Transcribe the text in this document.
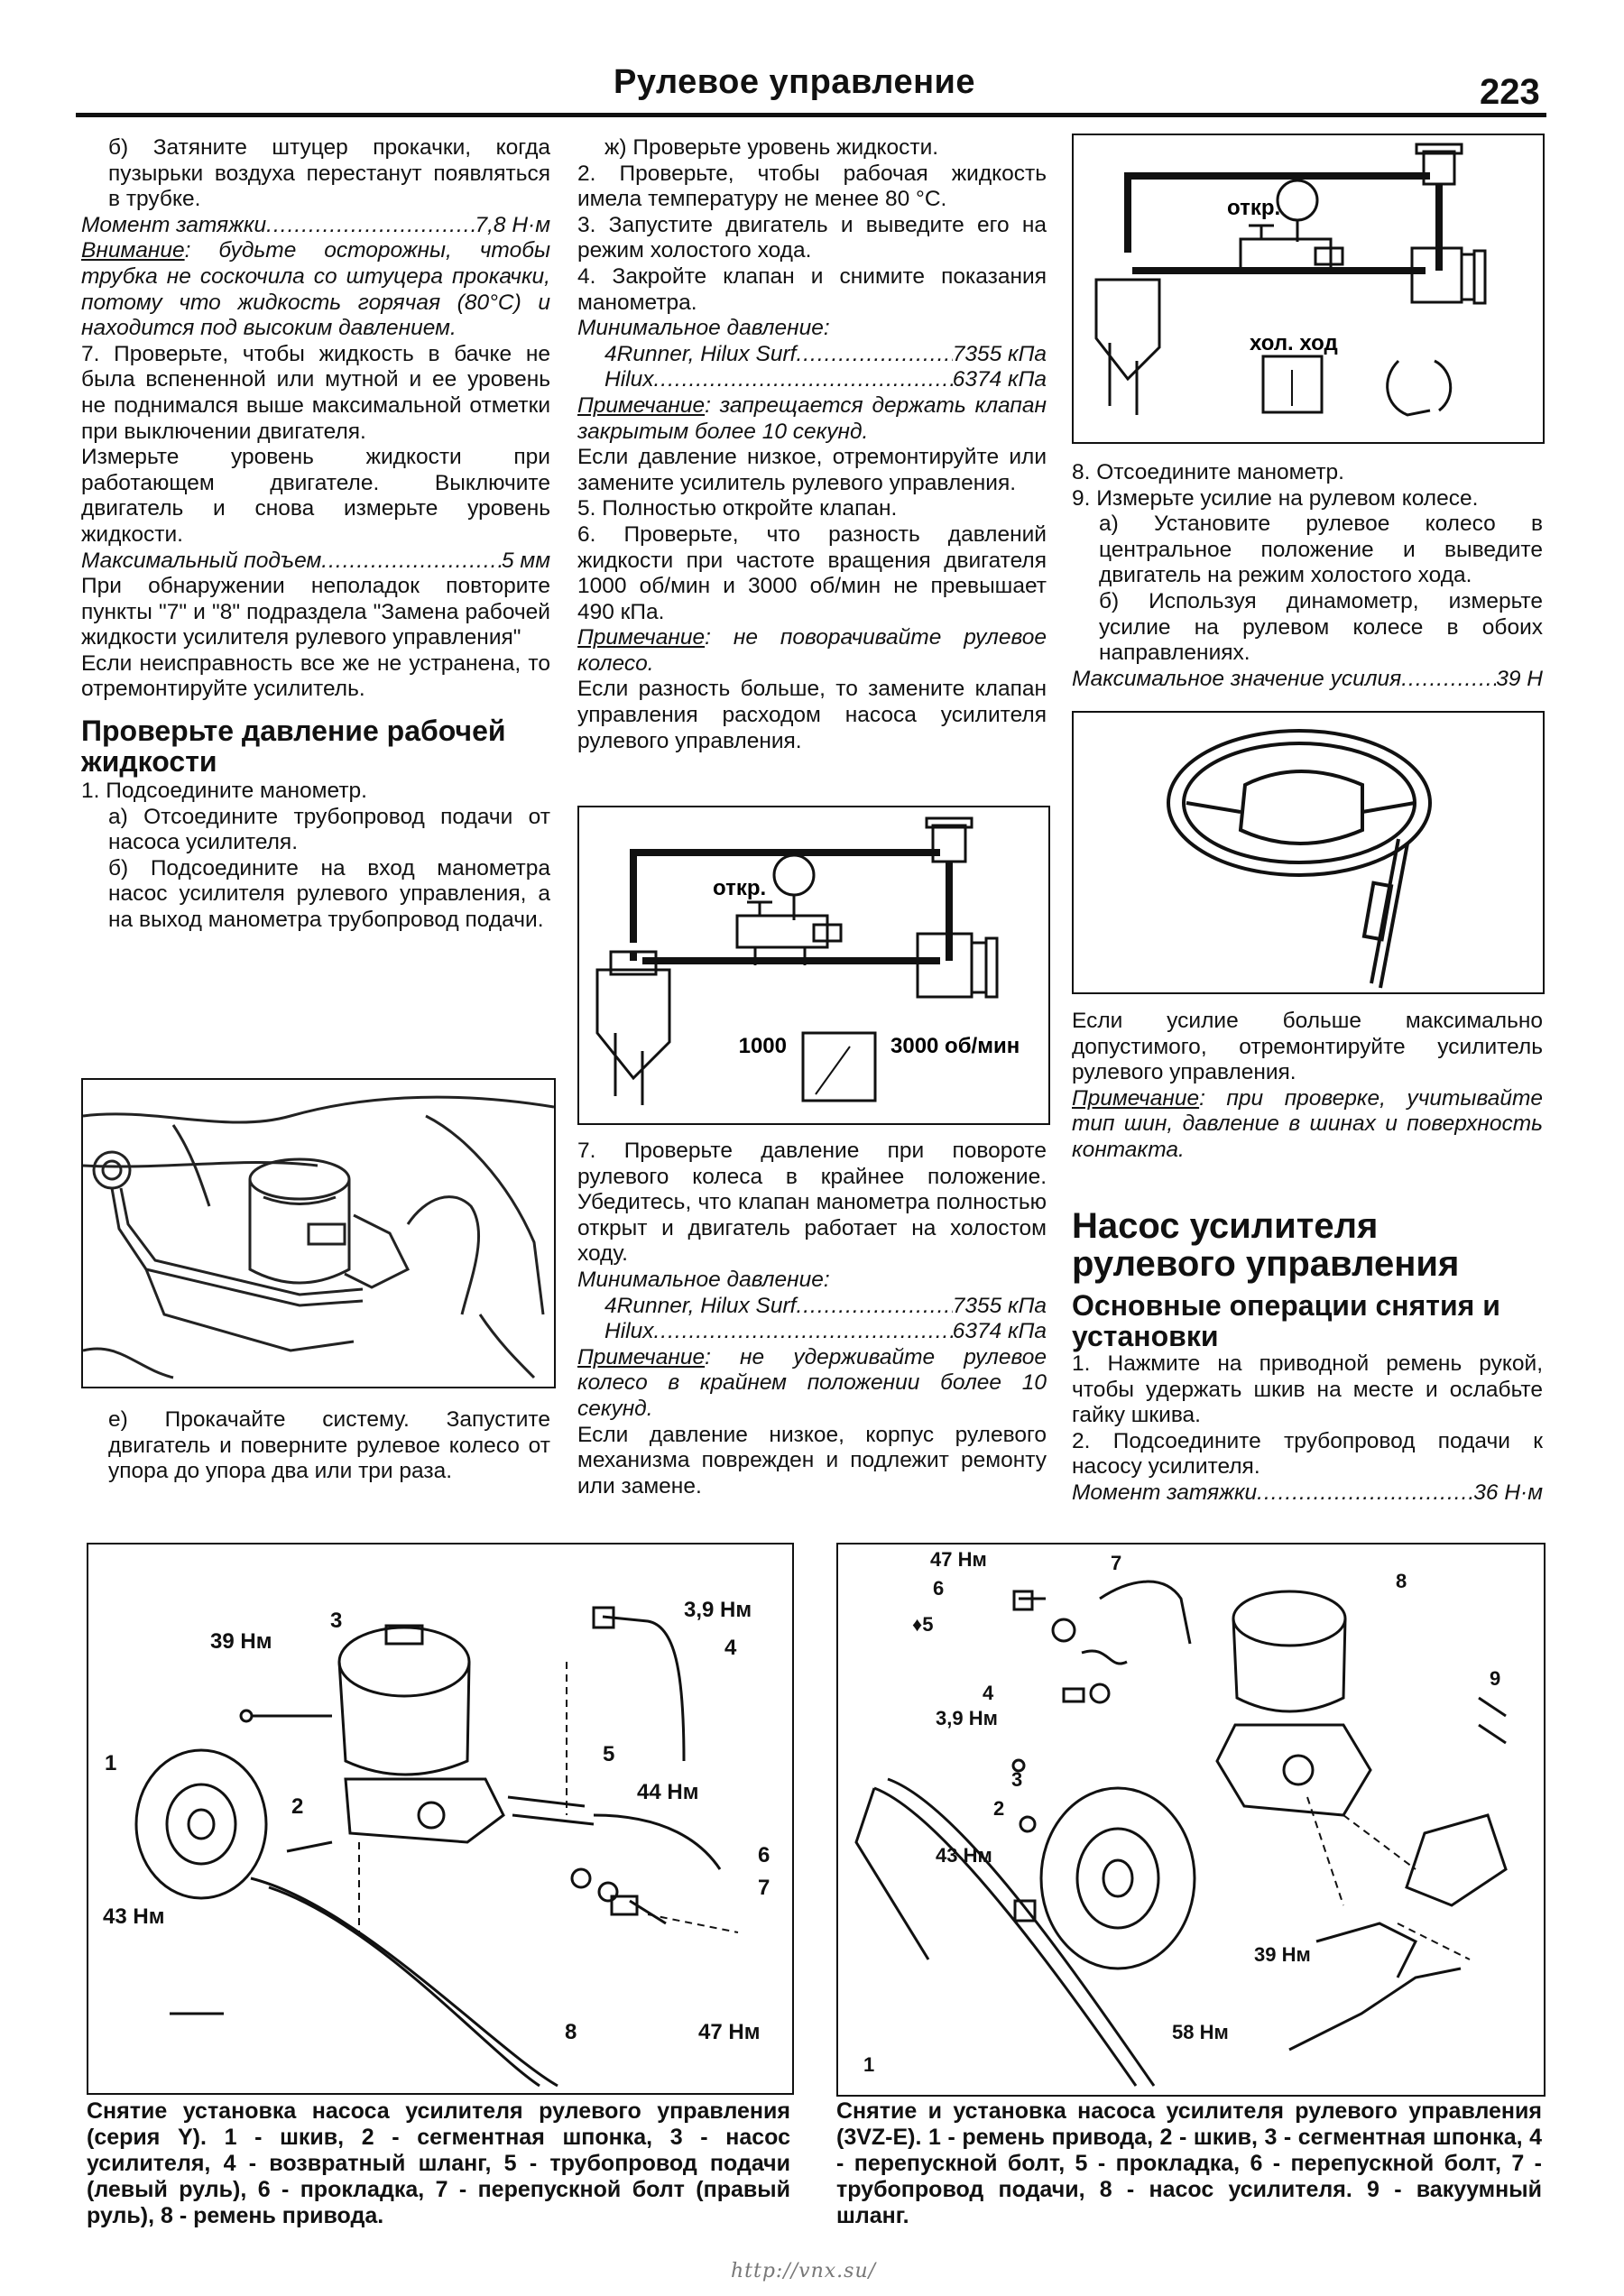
Рулевое управление	223

б) Затяните штуцер прокачки, когда пузырьки воздуха перестанут появляться в трубке.

Момент затяжки .....	7,8 Н·м

Внимание: будьте осторожны, чтобы трубка не соскочила со штуцера прокачки, потому что жидкость горячая (80°С) и находится под высоким давлением.

7. Проверьте, чтобы жидкость в бачке не была вспененной или мутной и ее уровень не поднимался выше максимальной отметки при выключении двигателя.

Измерьте уровень жидкости при работающем двигателе. Выключите двигатель и снова измерьте уровень жидкости.

Максимальный подъем .....	5 мм

При обнаружении неполадок повторите пункты "7" и "8" подраздела "Замена рабочей жидкости усилителя рулевого управления"

Если неисправность все же не устранена, то отремонтируйте усилитель.

Проверьте давление рабочей жидкости

1. Подсоедините манометр.

а) Отсоедините трубопровод подачи от насоса усилителя.

б) Подсоедините на вход манометра насос усилителя рулевого управления, а на выход манометра трубопровод подачи.

е) Прокачайте систему. Запустите двигатель и поверните рулевое колесо от упора до упора два или три раза.

ж) Проверьте уровень жидкости.

2. Проверьте, чтобы рабочая жидкость имела температуру не менее 80 °С.

3. Запустите двигатель и выведите его на режим холостого хода.

4. Закройте клапан и снимите показания манометра.

Минимальное давление:

4Runner, Hilux Surf .....	7355 кПа
Hilux .....	6374 кПа

Примечание: запрещается держать клапан закрытым более 10 секунд.

Если давление низкое, отремонтируйте или замените усилитель рулевого управления.

5. Полностью откройте клапан.

6. Проверьте, что разность давлений жидкости при частоте вращения двигателя 1000 об/мин и 3000 об/мин не превышает 490 кПа.

Примечание: не поворачивайте рулевое колесо.

Если разность больше, то замените клапан управления расходом насоса усилителя рулевого управления.

откр.
1000	3000 об/мин

7. Проверьте давление при повороте рулевого колеса в крайнее положение. Убедитесь, что клапан манометра полностью открыт и двигатель работает на холостом ходу.

Минимальное давление:

4Runner, Hilux Surf .....	7355 кПа
Hilux .....	6374 кПа

Примечание: не удерживайте рулевое колесо в крайнем положении более 10 секунд.

Если давление низкое, корпус рулевого механизма поврежден и подлежит ремонту или замене.

откр.
хол. ход

8. Отсоедините манометр.

9. Измерьте усилие на рулевом колесе.

а) Установите рулевое колесо в центральное положение и выведите двигатель на режим холостого хода.

б) Используя динамометр, измерьте усилие на рулевом колесе в обоих направлениях.

Максимальное значение усилия .....	39 Н

Если усилие больше максимально допустимого, отремонтируйте усилитель рулевого управления.

Примечание: при проверке, учитывайте тип шин, давление в шинах и поверхность контакта.

Насос усилителя рулевого управления
Основные операции снятия и установки

1. Нажмите на приводной ремень рукой, чтобы удержать шкив на месте и ослабьте гайку шкива.

2. Подсоедините трубопровод подачи к насосу усилителя.

Момент затяжки .....	36 Н·м
3,9 Нм
4
3
39 Нм
1
2
5
44 Нм
6
7
43 Нм
47 Нм
8
Снятие установка насоса усилителя рулевого управления (серия Y). 1 - шкив, 2 - сегментная шпонка, 3 - насос усилителя, 4 - возвратный шланг, 5 - трубопровод подачи (левый руль), 6 - прокладка, 7 - перепускной болт (правый руль), 8 - ремень привода.
47 Нм
6
7
8
♦5
4
3,9 Нм
9
3
2
43 Нм
39 Нм
58 Нм
1
Снятие и установка насоса усилителя рулевого управления (3VZ-E). 1 - ремень привода, 2 - шкив, 3 - сегментная шпонка, 4 - перепускной болт, 5 - прокладка, 6 - перепускной болт, 7 - трубопровод подачи, 8 - насос усилителя. 9 - вакуумный шланг.
http://vnx.su/
